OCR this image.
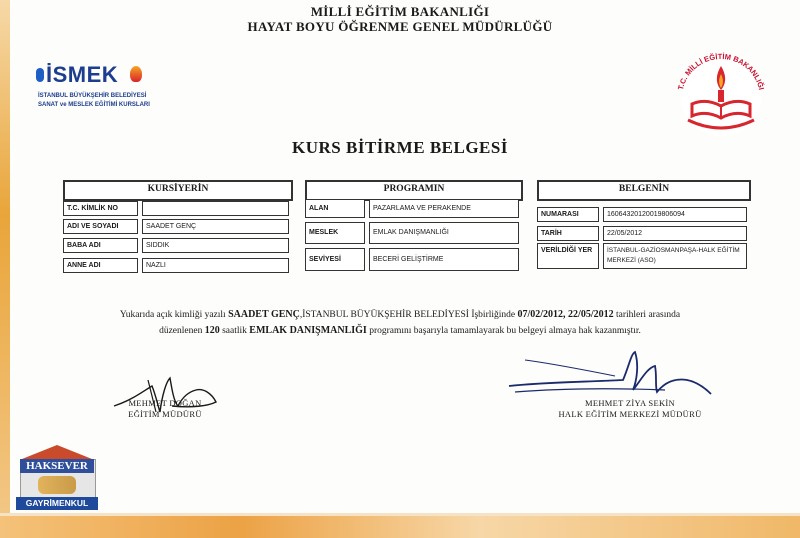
MİLLİ EĞİTİM BAKANLIĞI
HAYAT BOYU ÖĞRENME GENEL MÜDÜRLÜĞÜ
İSMEK
İSTANBUL BÜYÜKŞEHİR BELEDİYESİ
SANAT ve MESLEK EĞİTİMİ KURSLARI
T.C. MİLLİ EĞİTİM BAKANLIĞI
KURS BİTİRME BELGESİ
KURSİYERİN
T.C. KİMLİK NO
ADI VE SOYADI	SAADET GENÇ
BABA ADI	SIDDIK
ANNE ADI	NAZLI
PROGRAMIN
ALAN	PAZARLAMA VE PERAKENDE
MESLEK	EMLAK DANIŞMANLIĞI
SEVİYESİ	BECERİ GELİŞTİRME
BELGENİN
NUMARASI	16064320120019806094
TARİH	22/05/2012
VERİLDİĞİ YER	İSTANBUL-GAZİOSMANPAŞA-HALK EĞİTİM MERKEZİ (ASO)
Yukarıda açık kimliği yazılı SAADET GENÇ,İSTANBUL BÜYÜKŞEHİR BELEDİYESİ İşbirliğinde 07/02/2012, 22/05/2012 tarihleri arasında
düzenlenen 120 saatlik EMLAK DANIŞMANLIĞI programını başarıyla tamamlayarak bu belgeyi almaya hak kazanmıştır.
MEHMET DOĞAN
EĞİTİM MÜDÜRÜ
MEHMET ZİYA SEKİN
HALK EĞİTİM MERKEZİ MÜDÜRÜ
HAKSEVER
GAYRİMENKUL
